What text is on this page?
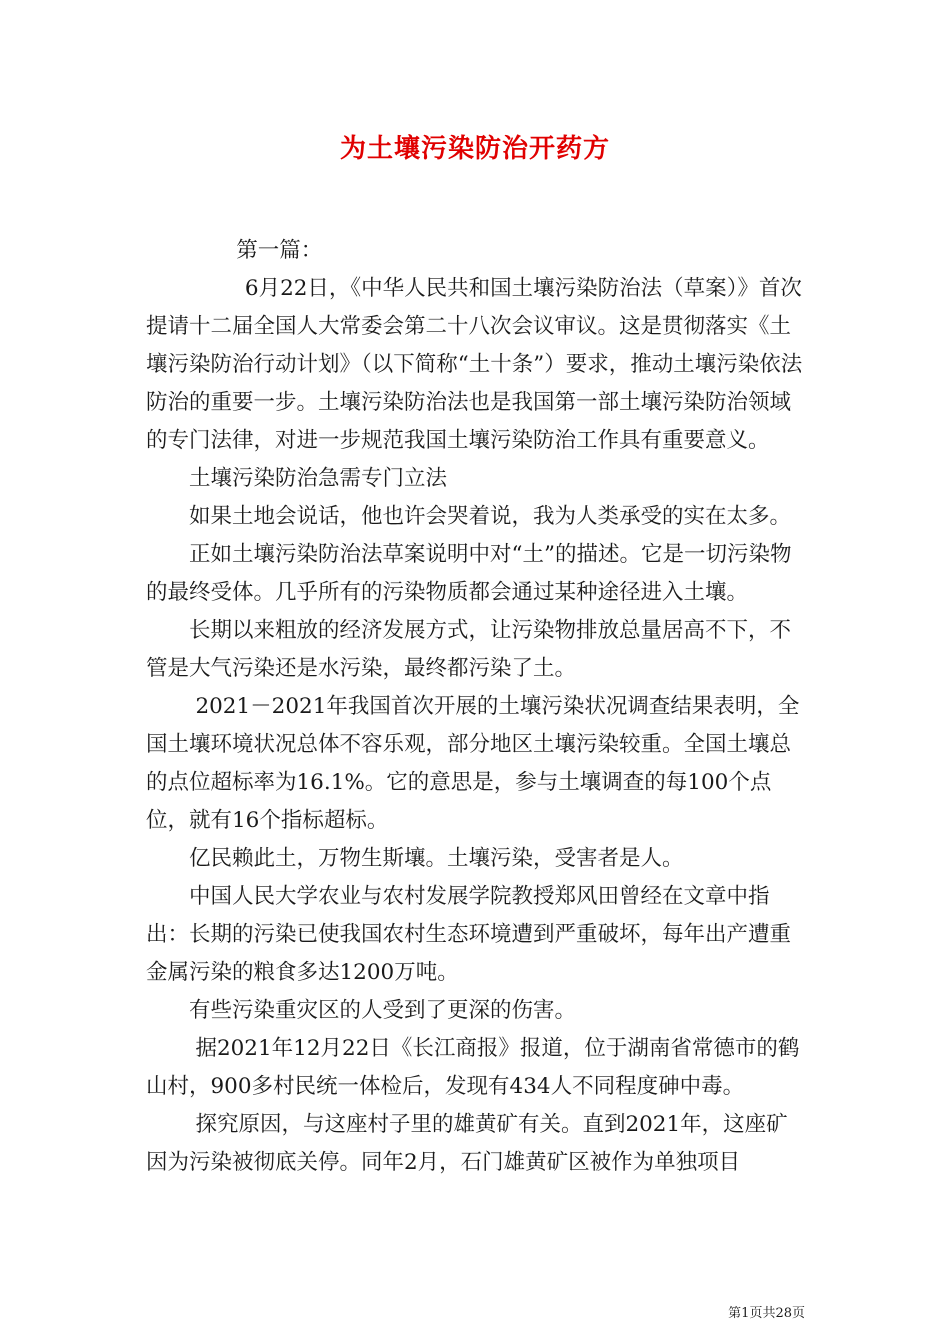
为土壤污染防治开药方

第一篇：

6月22日，《中华人民共和国土壤污染防治法（草案）》首次提请十二届全国人大常委会第二十八次会议审议。这是贯彻落实《土壤污染防治行动计划》（以下简称“土十条”）要求，推动土壤污染依法防治的重要一步。土壤污染防治法也是我国第一部土壤污染防治领域的专门法律，对进一步规范我国土壤污染防治工作具有重要意义。

土壤污染防治急需专门立法

如果土地会说话，他也许会哭着说，我为人类承受的实在太多。

正如土壤污染防治法草案说明中对“土”的描述。它是一切污染物的最终受体。几乎所有的污染物质都会通过某种途径进入土壤。

长期以来粗放的经济发展方式，让污染物排放总量居高不下，不管是大气污染还是水污染，最终都污染了土。

2021－2021年我国首次开展的土壤污染状况调查结果表明，全国土壤环境状况总体不容乐观，部分地区土壤污染较重。全国土壤总的点位超标率为16.1%。它的意思是，参与土壤调查的每100个点位，就有16个指标超标。

亿民赖此土，万物生斯壤。土壤污染，受害者是人。

中国人民大学农业与农村发展学院教授郑风田曾经在文章中指出：长期的污染已使我国农村生态环境遭到严重破坏，每年出产遭重金属污染的粮食多达1200万吨。

有些污染重灾区的人受到了更深的伤害。

据2021年12月22日《长江商报》报道，位于湖南省常德市的鹤山村，900多村民统一体检后，发现有434人不同程度砷中毒。

探究原因，与这座村子里的雄黄矿有关。直到2021年，这座矿因为污染被彻底关停。同年2月，石门雄黄矿区被作为单独项目

第1页共28页
